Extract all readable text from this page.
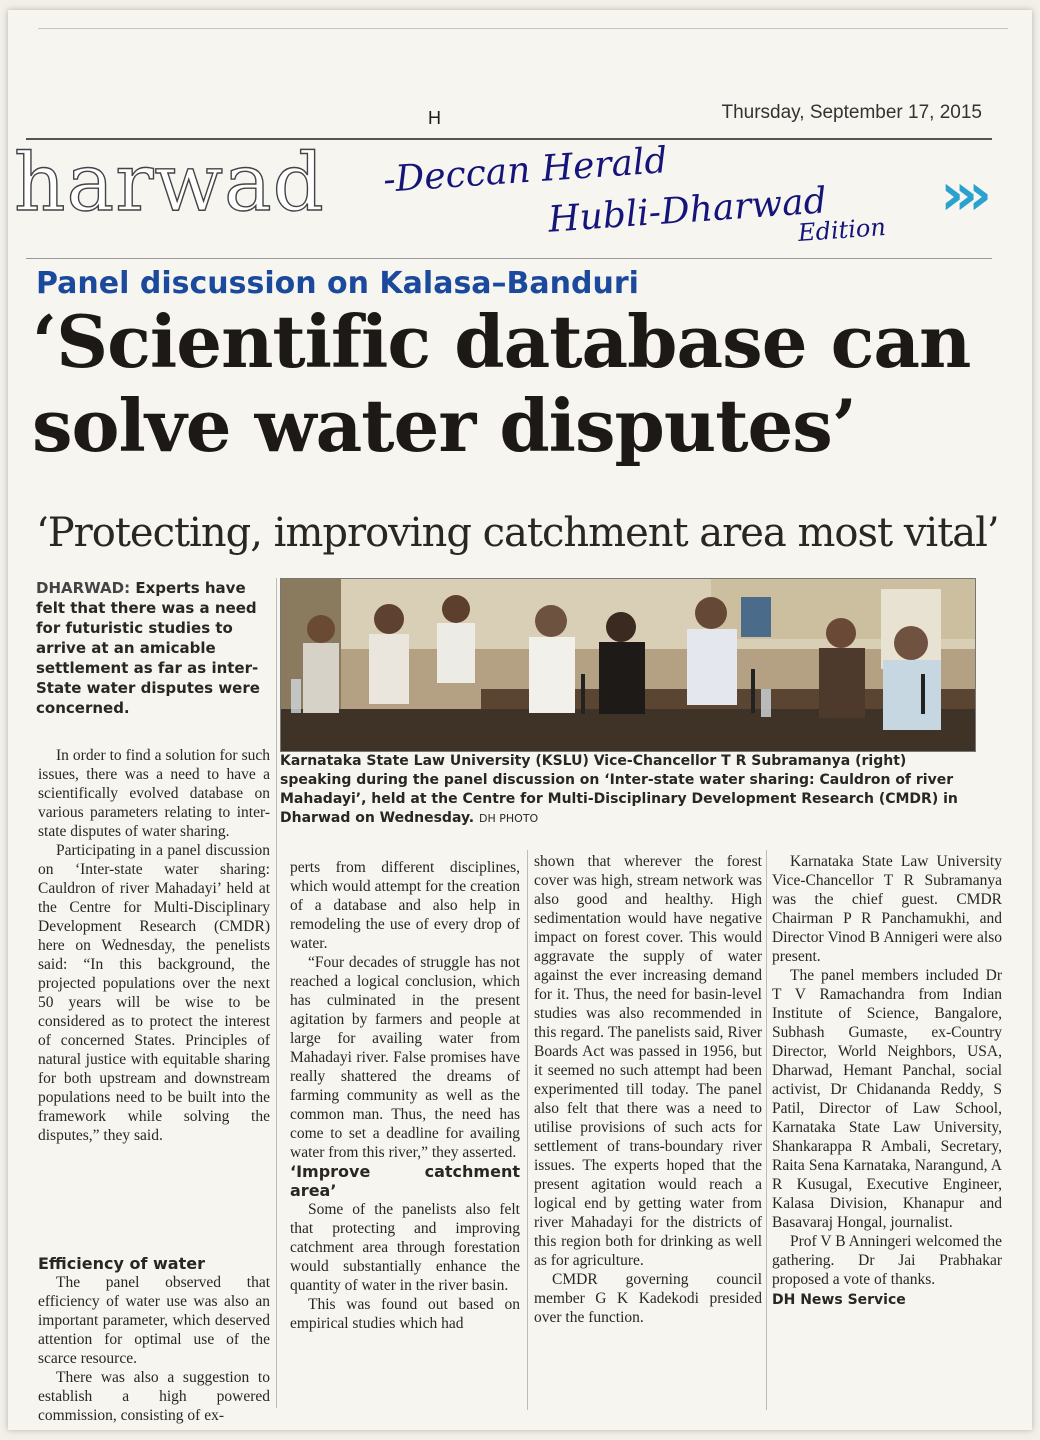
H	Thursday, September 17, 2015
harwad	›››
-Deccan Herald
Hubli-Dharwad
Edition
Panel discussion on Kalasa–Banduri
‘Scientific database can solve water disputes’
‘Protecting, improving catchment area most vital’
DHARWAD: Experts have felt that there was a need for futuristic studies to arrive at an amicable settlement as far as inter-State water disputes were concerned.
Karnataka State Law University (KSLU) Vice-Chancellor T R Subramanya (right) speaking during the panel discussion on ‘Inter-state water sharing: Cauldron of river Mahadayi’, held at the Centre for Multi-Disciplinary Development Research (CMDR) in Dharwad on Wednesday. DH PHOTO

In order to find a solution for such issues, there was a need to have a scientifically evolved database on various parameters relating to inter-state disputes of water sharing.

Participating in a panel discussion on ‘Inter-state water sharing: Cauldron of river Mahadayi’ held at the Centre for Multi-Disciplinary Development Research (CMDR) here on Wednesday, the penelists said: “In this background, the projected populations over the next 50 years will be wise to be considered as to protect the interest of concerned States. Principles of natural justice with equitable sharing for both upstream and downstream populations need to be built into the framework while solving the disputes,” they said.

Efficiency of water

The panel observed that efficiency of water use was also an important parameter, which deserved attention for optimal use of the scarce resource.

There was also a suggestion to establish a high powered commission, consisting of ex-

perts from different disciplines, which would attempt for the creation of a database and also help in remodeling the use of every drop of water.

“Four decades of struggle has not reached a logical conclusion, which has culminated in the present agitation by farmers and people at large for availing water from Mahadayi river. False promises have really shattered the dreams of farming community as well as the common man. Thus, the need has come to set a deadline for availing water from this river,” they asserted.

‘Improve catchment area’

Some of the panelists also felt that protecting and improving catchment area through forestation would substantially enhance the quantity of water in the river basin.

This was found out based on empirical studies which had

shown that wherever the forest cover was high, stream network was also good and healthy. High sedimentation would have negative impact on forest cover. This would aggravate the supply of water against the ever increasing demand for it. Thus, the need for basin-level studies was also recommended in this regard. The panelists said, River Boards Act was passed in 1956, but it seemed no such attempt had been experimented till today. The panel also felt that there was a need to utilise provisions of such acts for settlement of trans-boundary river issues. The experts hoped that the present agitation would reach a logical end by getting water from river Mahadayi for the districts of this region both for drinking as well as for agriculture.

CMDR governing council member G K Kadekodi presided over the function.

Karnataka State Law University Vice-Chancellor T R Subramanya was the chief guest. CMDR Chairman P R Panchamukhi, and Director Vinod B Annigeri were also present.

The panel members included Dr T V Ramachandra from Indian Institute of Science, Bangalore, Subhash Gumaste, ex-Country Director, World Neighbors, USA, Dharwad, Hemant Panchal, social activist, Dr Chidananda Reddy, S Patil, Director of Law School, Karnataka State Law University, Shankarappa R Ambali, Secretary, Raita Sena Karnataka, Narangund, A R Kusugal, Executive Engineer, Kalasa Division, Khanapur and Basavaraj Hongal, journalist.

Prof V B Anningeri welcomed the gathering. Dr Jai Prabhakar proposed a vote of thanks.

DH News Service
